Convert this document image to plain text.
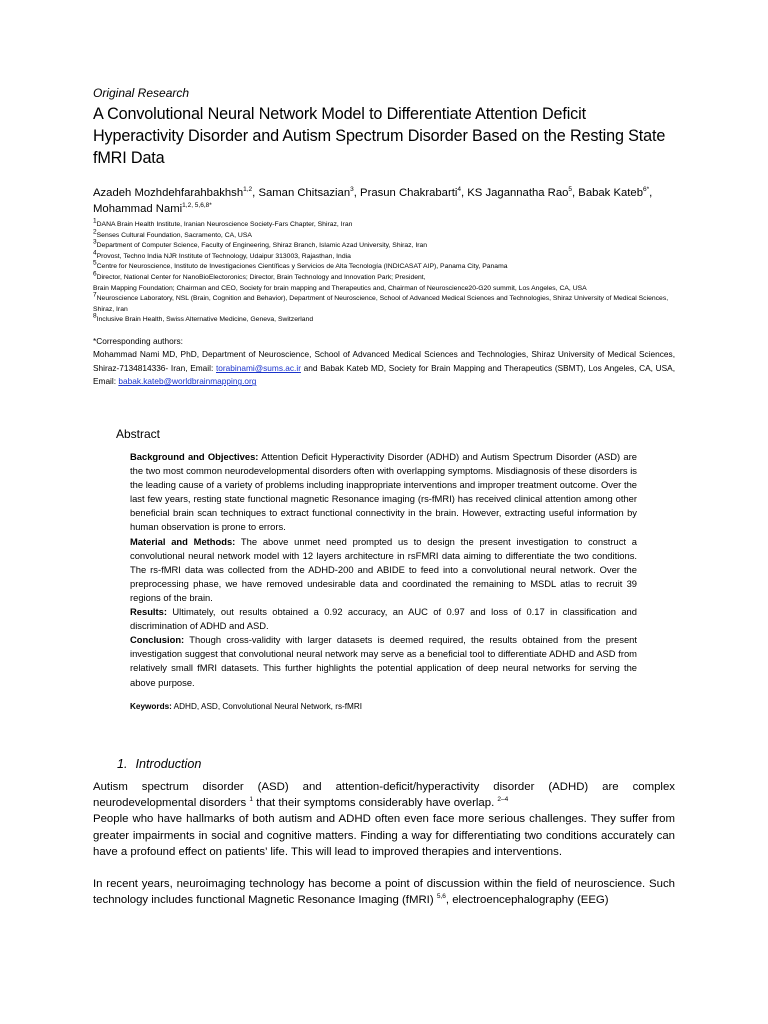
Original Research
A Convolutional Neural Network Model to Differentiate Attention Deficit Hyperactivity Disorder and Autism Spectrum Disorder Based on the Resting State fMRI Data
Azadeh Mozhdehfarahbakhsh$^{1,2}$, Saman Chitsazian$^3$, Prasun Chakrabarti$^4$, KS Jagannatha Rao$^5$, Babak Kateb$^{6*}$, Mohammad Nami$^{1,2, 5,6,8*}$
$^1$DANA Brain Health Institute, Iranian Neuroscience Society-Fars Chapter, Shiraz, Iran
$^2$Senses Cultural Foundation, Sacramento, CA, USA
$^3$Department of Computer Science, Faculty of Engineering, Shiraz Branch, Islamic Azad University, Shiraz, Iran
$^4$Provost, Techno India NJR Institute of Technology, Udaipur 313003, Rajasthan, India
$^5$Centre for Neuroscience, Instituto de Investigaciones Científicas y Servicios de Alta Tecnología (INDICASAT AIP), Panama City, Panama
$^6$Director, National Center for NanoBioElectoronics; Director, Brain Technology and Innovation Park; President,
Brain Mapping Foundation; Chairman and CEO, Society for brain mapping and Therapeutics and, Chairman of Neuroscience20-G20 summit, Los Angeles, CA, USA
$^7$Neuroscience Laboratory, NSL (Brain, Cognition and Behavior), Department of Neuroscience, School of Advanced Medical Sciences and Technologies, Shiraz University of Medical Sciences, Shiraz, Iran
$^8$Inclusive Brain Health, Swiss Alternative Medicine, Geneva, Switzerland
*Corresponding authors:
Mohammad Nami MD, PhD, Department of Neuroscience, School of Advanced Medical Sciences and Technologies, Shiraz University of Medical Sciences, Shiraz-7134814336- Iran, Email: torabinami@sums.ac.ir and Babak Kateb MD, Society for Brain Mapping and Therapeutics (SBMT), Los Angeles, CA, USA, Email: babak.kateb@worldbrainmapping.org
Abstract

Background and Objectives: Attention Deficit Hyperactivity Disorder (ADHD) and Autism Spectrum Disorder (ASD) are the two most common neurodevelopmental disorders often with overlapping symptoms. Misdiagnosis of these disorders is the leading cause of a variety of problems including inappropriate interventions and improper treatment outcome. Over the last few years, resting state functional magnetic Resonance imaging (rs-fMRI) has received clinical attention among other beneficial brain scan techniques to extract functional connectivity in the brain. However, extracting useful information by human observation is prone to errors.

Material and Methods: The above unmet need prompted us to design the present investigation to construct a convolutional neural network model with 12 layers architecture in rsFMRI data aiming to differentiate the two conditions. The rs-fMRI data was collected from the ADHD-200 and ABIDE to feed into a convolutional neural network. Over the preprocessing phase, we have removed undesirable data and coordinated the remaining to MSDL atlas to recruit 39 regions of the brain.

Results: Ultimately, out results obtained a 0.92 accuracy, an AUC of 0.97 and loss of 0.17 in classification and discrimination of ADHD and ASD.

Conclusion: Though cross-validity with larger datasets is deemed required, the results obtained from the present investigation suggest that convolutional neural network may serve as a beneficial tool to differentiate ADHD and ASD from relatively small fMRI datasets. This further highlights the potential application of deep neural networks for serving the above purpose.

Keywords: ADHD, ASD, Convolutional Neural Network, rs-fMRI
1. Introduction

Autism spectrum disorder (ASD) and attention-deficit/hyperactivity disorder (ADHD) are complex neurodevelopmental disorders $^1$ that their symptoms considerably have overlap. $^{2-4}$

People who have hallmarks of both autism and ADHD often even face more serious challenges. They suffer from greater impairments in social and cognitive matters. Finding a way for differentiating two conditions accurately can have a profound effect on patients’ life. This will lead to improved therapies and interventions.

In recent years, neuroimaging technology has become a point of discussion within the field of neuroscience. Such technology includes functional Magnetic Resonance Imaging (fMRI) $^{5,6}$, electroencephalography (EEG)
